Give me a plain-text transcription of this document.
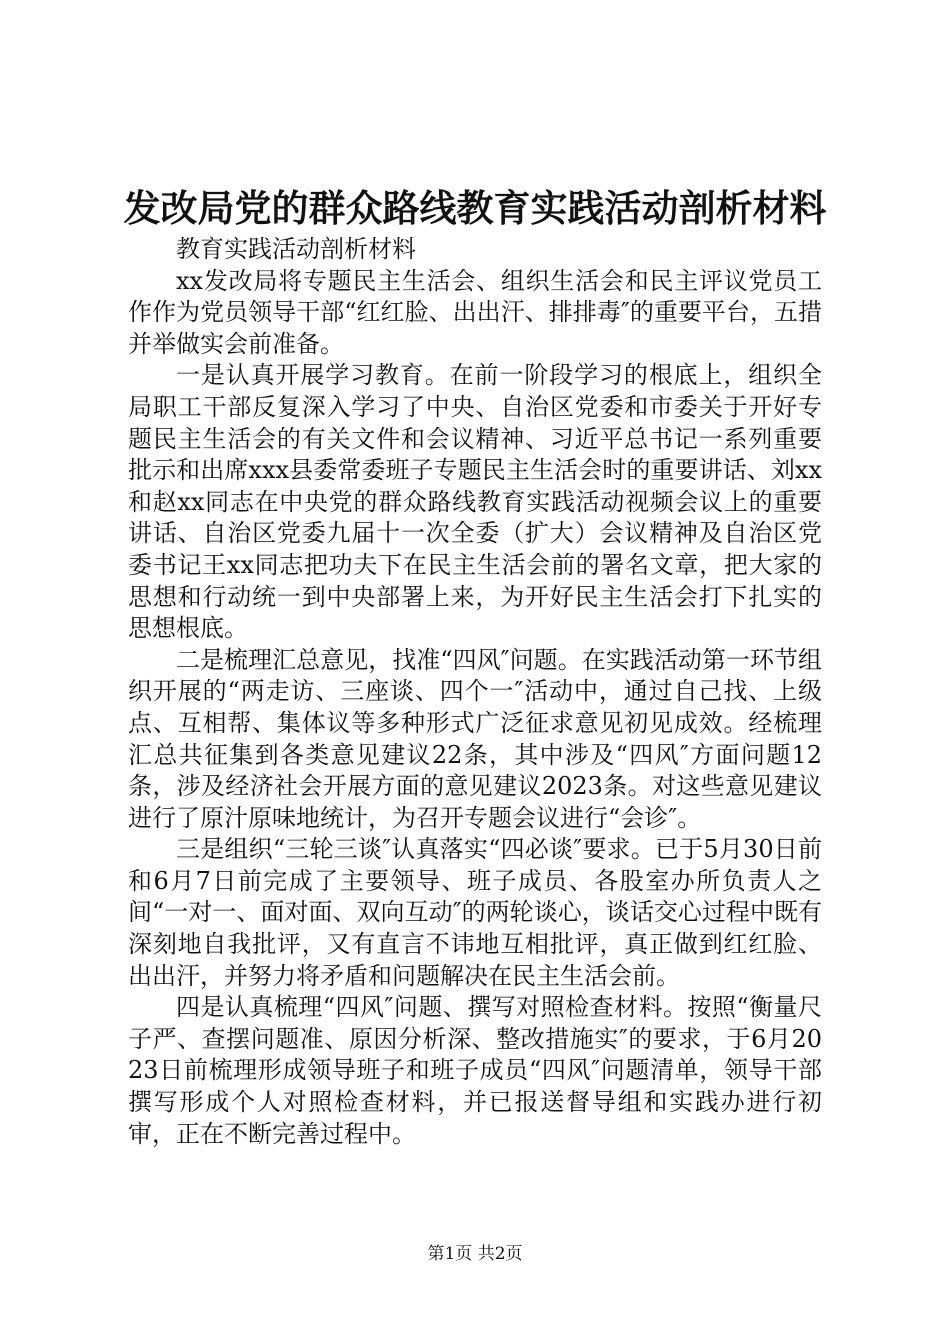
发改局党的群众路线教育实践活动剖析材料

教育实践活动剖析材料

xx发改局将专题民主生活会、组织生活会和民主评议党员工作作为党员领导干部“红红脸、出出汗、排排毒″的重要平台，五措并举做实会前准备。

一是认真开展学习教育。在前一阶段学习的根底上，组织全局职工干部反复深入学习了中央、自治区党委和市委关于开好专题民主生活会的有关文件和会议精神、习近平总书记一系列重要批示和出席xxx县委常委班子专题民主生活会时的重要讲话、刘xx和赵xx同志在中央党的群众路线教育实践活动视频会议上的重要讲话、自治区党委九届十一次全委（扩大）会议精神及自治区党委书记王xx同志把功夫下在民主生活会前的署名文章，把大家的思想和行动统一到中央部署上来，为开好民主生活会打下扎实的思想根底。

二是梳理汇总意见，找准“四风″问题。在实践活动第一环节组织开展的“两走访、三座谈、四个一″活动中，通过自己找、上级点、互相帮、集体议等多种形式广泛征求意见初见成效。经梳理汇总共征集到各类意见建议22条，其中涉及“四风″方面问题12条，涉及经济社会开展方面的意见建议2023条。对这些意见建议进行了原汁原味地统计，为召开专题会议进行“会诊″。

三是组织“三轮三谈″认真落实“四必谈″要求。已于5月30日前和6月7日前完成了主要领导、班子成员、各股室办所负责人之间“一对一、面对面、双向互动″的两轮谈心，谈话交心过程中既有深刻地自我批评，又有直言不讳地互相批评，真正做到红红脸、出出汗，并努力将矛盾和问题解决在民主生活会前。

四是认真梳理“四风″问题、撰写对照检查材料。按照“衡量尺子严、查摆问题准、原因分析深、整改措施实″的要求，于6月2023日前梳理形成领导班子和班子成员“四风″问题清单，领导干部撰写形成个人对照检查材料，并已报送督导组和实践办进行初审，正在不断完善过程中。

第1页 共2页
